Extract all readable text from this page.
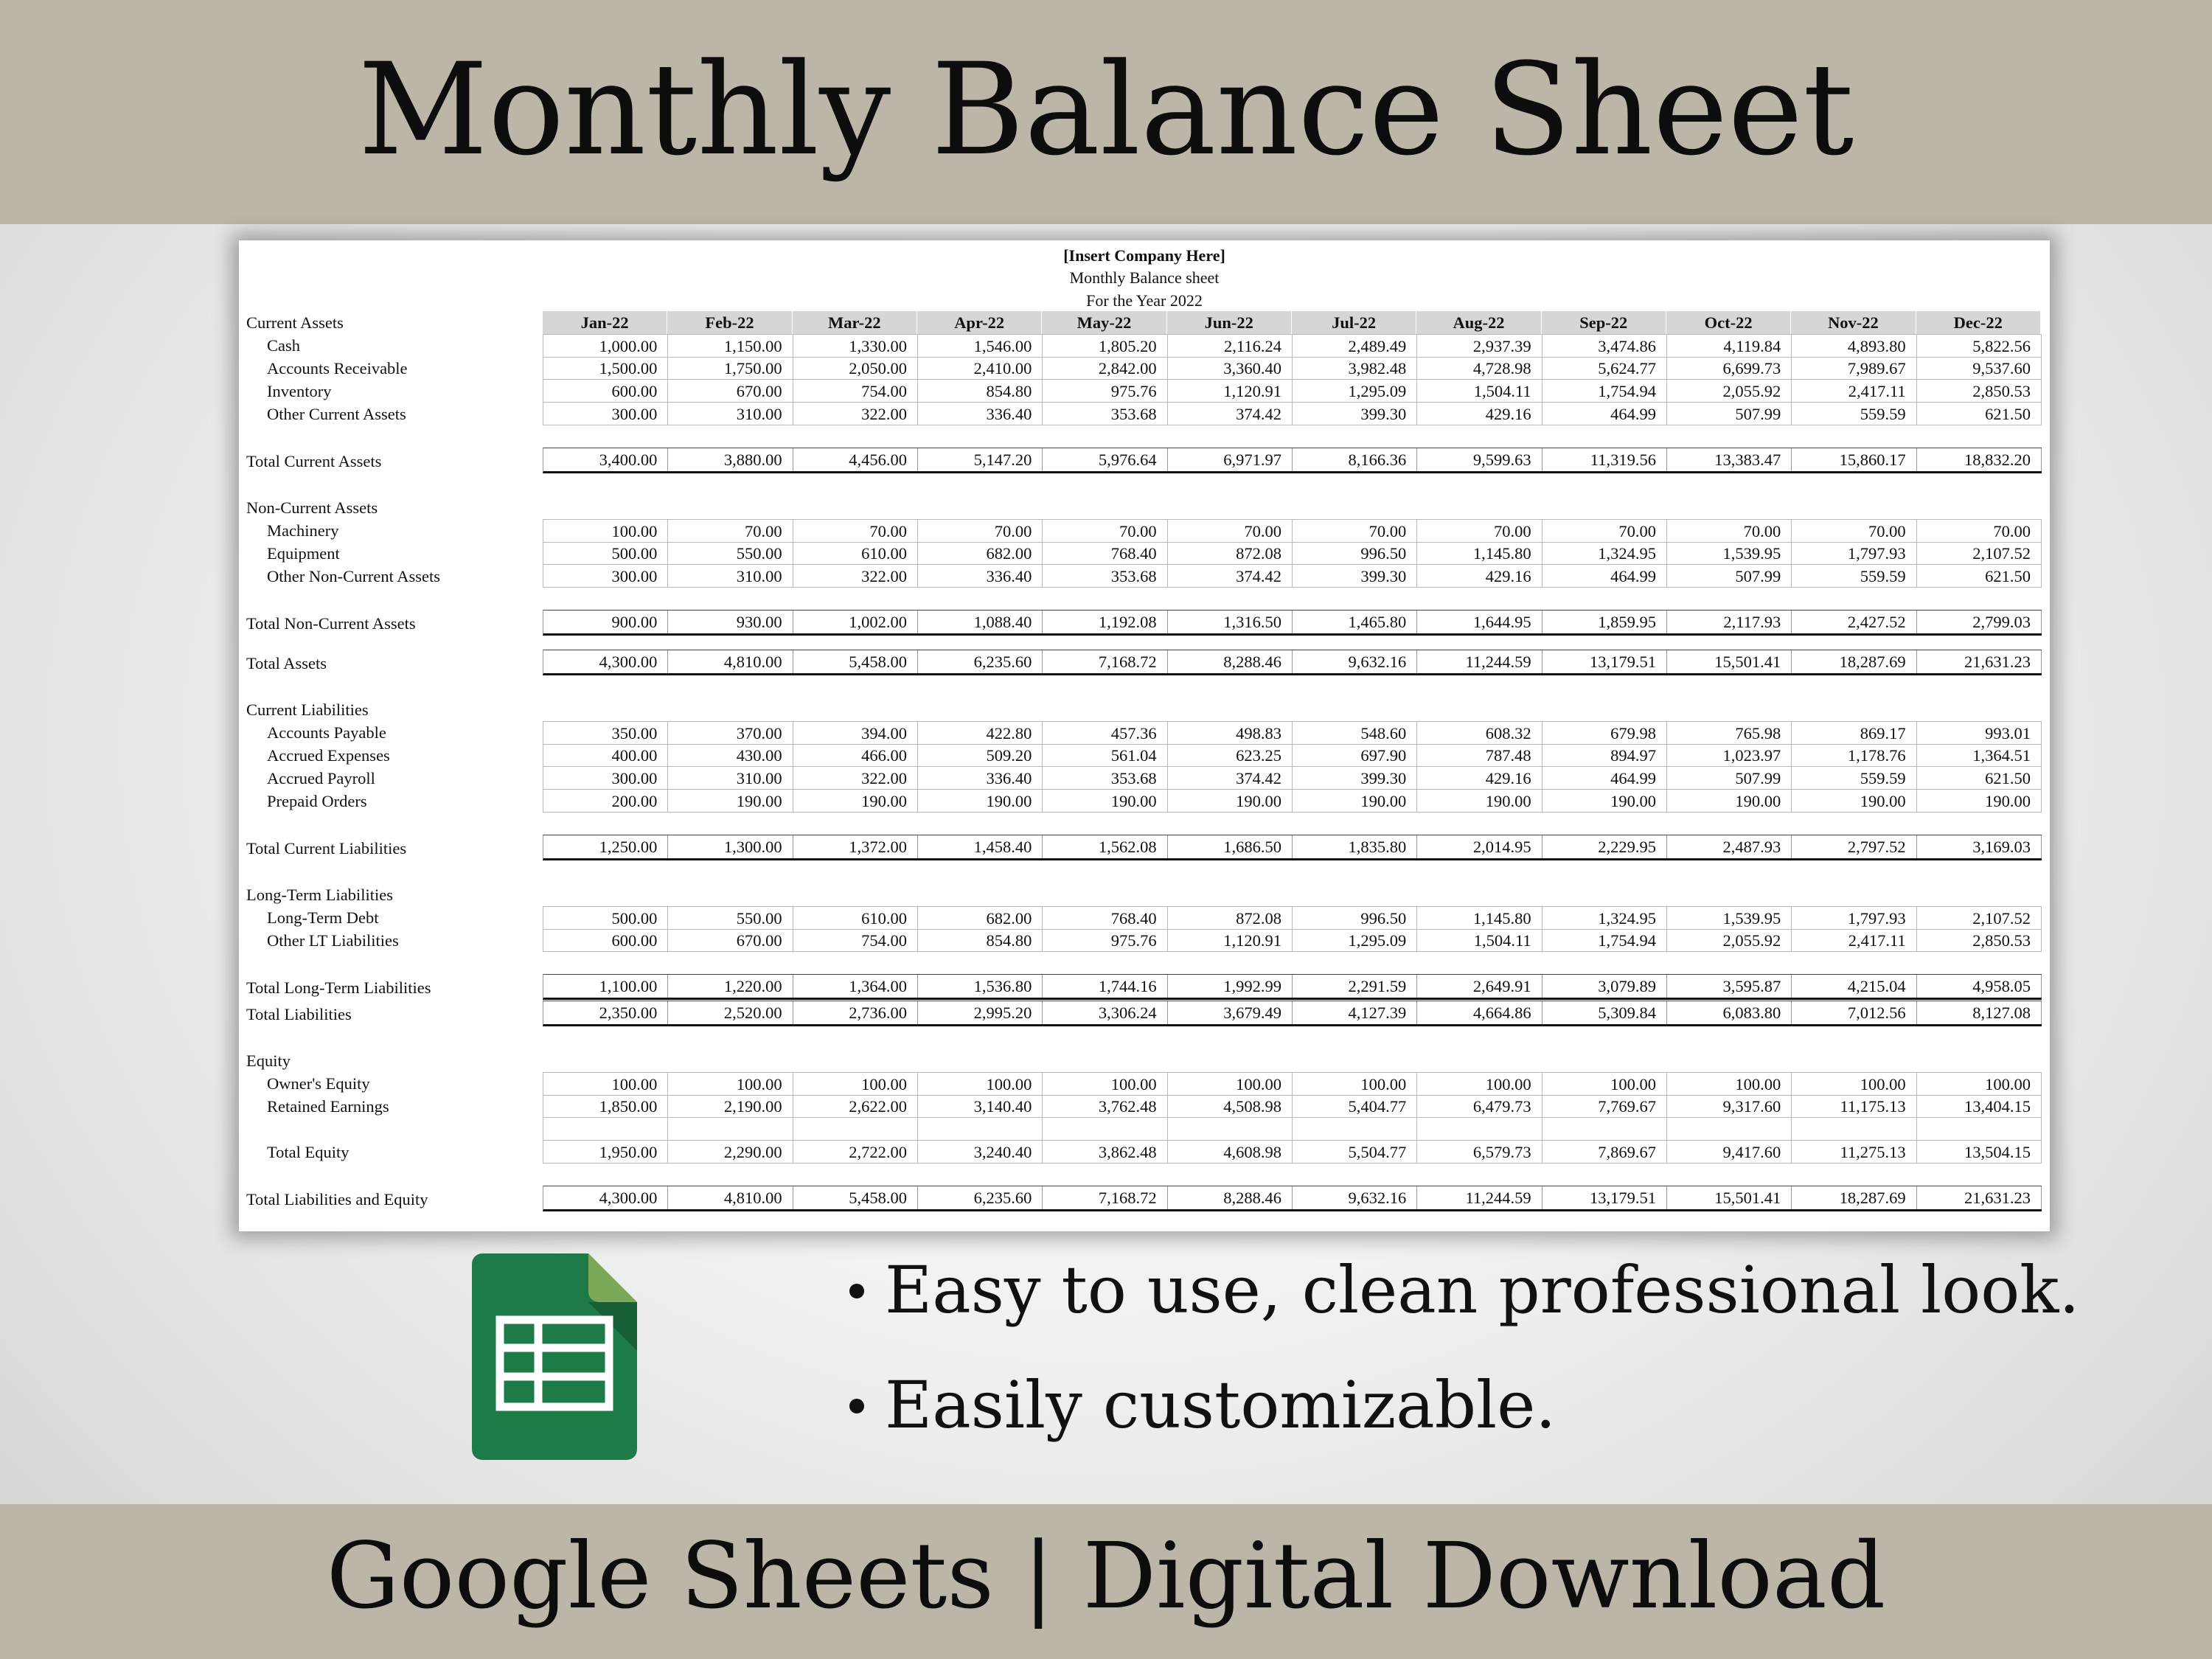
Monthly Balance Sheet
[Insert Company Here]
Monthly Balance sheet
For the Year 2022
Current Assets	Jan-22	Feb-22	Mar-22	Apr-22	May-22	Jun-22	Jul-22	Aug-22	Sep-22	Oct-22	Nov-22	Dec-22
Cash	1,000.00	1,150.00	1,330.00	1,546.00	1,805.20	2,116.24	2,489.49	2,937.39	3,474.86	4,119.84	4,893.80	5,822.56
Accounts Receivable	1,500.00	1,750.00	2,050.00	2,410.00	2,842.00	3,360.40	3,982.48	4,728.98	5,624.77	6,699.73	7,989.67	9,537.60
Inventory	600.00	670.00	754.00	854.80	975.76	1,120.91	1,295.09	1,504.11	1,754.94	2,055.92	2,417.11	2,850.53
Other Current Assets	300.00	310.00	322.00	336.40	353.68	374.42	399.30	429.16	464.99	507.99	559.59	621.50
Total Current Assets	3,400.00	3,880.00	4,456.00	5,147.20	5,976.64	6,971.97	8,166.36	9,599.63	11,319.56	13,383.47	15,860.17	18,832.20
Non-Current Assets
Machinery	100.00	70.00	70.00	70.00	70.00	70.00	70.00	70.00	70.00	70.00	70.00	70.00
Equipment	500.00	550.00	610.00	682.00	768.40	872.08	996.50	1,145.80	1,324.95	1,539.95	1,797.93	2,107.52
Other Non-Current Assets	300.00	310.00	322.00	336.40	353.68	374.42	399.30	429.16	464.99	507.99	559.59	621.50
Total Non-Current Assets	900.00	930.00	1,002.00	1,088.40	1,192.08	1,316.50	1,465.80	1,644.95	1,859.95	2,117.93	2,427.52	2,799.03
Total Assets	4,300.00	4,810.00	5,458.00	6,235.60	7,168.72	8,288.46	9,632.16	11,244.59	13,179.51	15,501.41	18,287.69	21,631.23
Current Liabilities
Accounts Payable	350.00	370.00	394.00	422.80	457.36	498.83	548.60	608.32	679.98	765.98	869.17	993.01
Accrued Expenses	400.00	430.00	466.00	509.20	561.04	623.25	697.90	787.48	894.97	1,023.97	1,178.76	1,364.51
Accrued Payroll	300.00	310.00	322.00	336.40	353.68	374.42	399.30	429.16	464.99	507.99	559.59	621.50
Prepaid Orders	200.00	190.00	190.00	190.00	190.00	190.00	190.00	190.00	190.00	190.00	190.00	190.00
Total Current Liabilities	1,250.00	1,300.00	1,372.00	1,458.40	1,562.08	1,686.50	1,835.80	2,014.95	2,229.95	2,487.93	2,797.52	3,169.03
Long-Term Liabilities
Long-Term Debt	500.00	550.00	610.00	682.00	768.40	872.08	996.50	1,145.80	1,324.95	1,539.95	1,797.93	2,107.52
Other LT Liabilities	600.00	670.00	754.00	854.80	975.76	1,120.91	1,295.09	1,504.11	1,754.94	2,055.92	2,417.11	2,850.53
Total Long-Term Liabilities	1,100.00	1,220.00	1,364.00	1,536.80	1,744.16	1,992.99	2,291.59	2,649.91	3,079.89	3,595.87	4,215.04	4,958.05
Total Liabilities	2,350.00	2,520.00	2,736.00	2,995.20	3,306.24	3,679.49	4,127.39	4,664.86	5,309.84	6,083.80	7,012.56	8,127.08
Equity
Owner's Equity	100.00	100.00	100.00	100.00	100.00	100.00	100.00	100.00	100.00	100.00	100.00	100.00
Retained Earnings	1,850.00	2,190.00	2,622.00	3,140.40	3,762.48	4,508.98	5,404.77	6,479.73	7,769.67	9,317.60	11,175.13	13,404.15
Total Equity	1,950.00	2,290.00	2,722.00	3,240.40	3,862.48	4,608.98	5,504.77	6,579.73	7,869.67	9,417.60	11,275.13	13,504.15
Total Liabilities and Equity	4,300.00	4,810.00	5,458.00	6,235.60	7,168.72	8,288.46	9,632.16	11,244.59	13,179.51	15,501.41	18,287.69	21,631.23
Easy to use, clean professional look.
Easily customizable.
Google Sheets | Digital Download
